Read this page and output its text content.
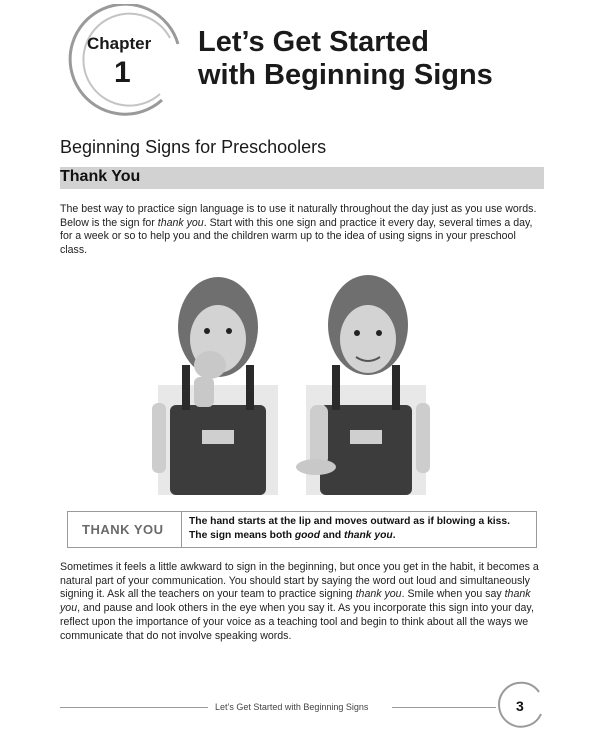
Chapter
1
Let’s Get Started
with Beginning Signs
Beginning Signs for Preschoolers
Thank You

The best way to practice sign language is to use it naturally throughout the day just as you use words. Below is the sign for thank you. Start with this one sign and practice it every day, several times a day, for a week or so to help you and the children warm up to the idea of using signs in your preschool class.

THANK YOU
The hand starts at the lip and moves outward as if blowing a kiss.
The sign means both good and thank you.

Sometimes it feels a little awkward to sign in the beginning, but once you get in the habit, it becomes a natural part of your communication. You should start by saying the word out loud and simultaneously signing it. Ask all the teachers on your team to practice signing thank you. Smile when you say thank you, and pause and look others in the eye when you say it. As you incorporate this sign into your day, reflect upon the importance of your voice as a teaching tool and begin to think about all the ways we communicate that do not involve speaking words.

Let’s Get Started with Beginning Signs	3
